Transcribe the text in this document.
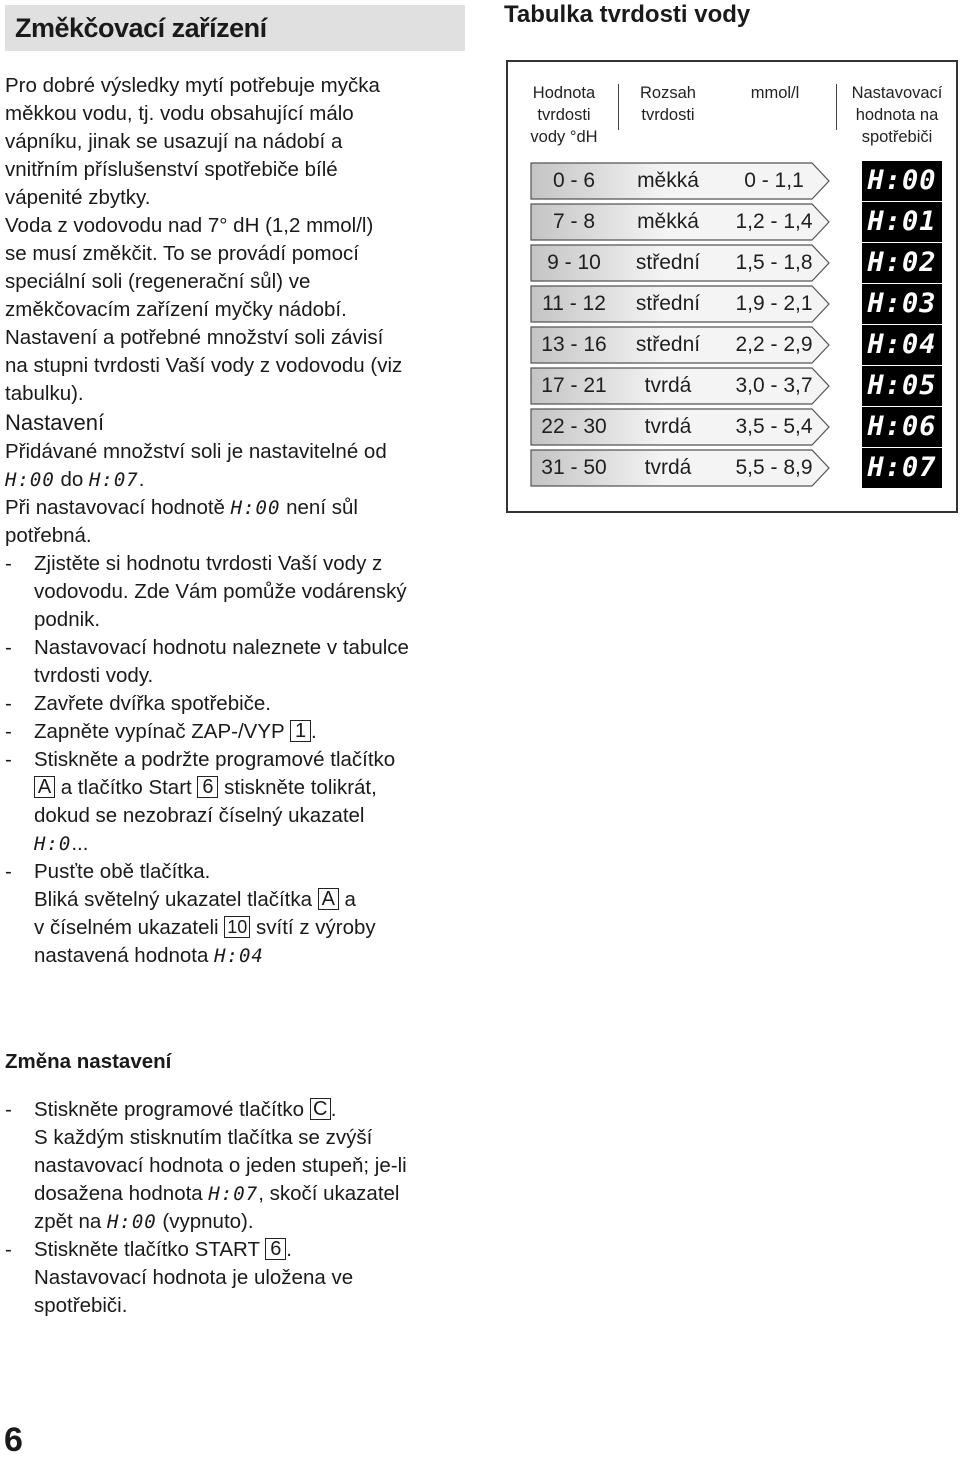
Změkčovací zařízení

Pro dobré výsledky mytí potřebuje myčka

měkkou vodu, tj. vodu obsahující málo

vápníku, jinak se usazují na nádobí a

vnitřním příslušenství spotřebiče bílé

vápenité zbytky.

Voda z vodovodu nad 7° dH (1,2 mmol/l)

se musí změkčit. To se provádí pomocí

speciální soli (regenerační sůl) ve

změkčovacím zařízení myčky nádobí.

Nastavení a potřebné množství soli závisí

na stupni tvrdosti Vaší vody z vodovodu (viz

tabulku).

Nastavení

Přidávané množství soli je nastavitelné od

H:00 do H:07.

Při nastavovací hodnotě H:00 není sůl

potřebná.

- Zjistěte si hodnotu tvrdosti Vaší vody z
vodovodu. Zde Vám pomůže vodárenský
podnik.
- Nastavovací hodnotu naleznete v tabulce
tvrdosti vody.
- Zavřete dvířka spotřebiče.
- Zapněte vypínač ZAP-/VYP 1 .
- Stiskněte a podržte programové tlačítko
A a tlačítko Start 6 stiskněte tolikrát,
dokud se nezobrazí číselný ukazatel
H:0...
- Pusťte obě tlačítka.
Bliká světelný ukazatel tlačítka A a
v číselném ukazateli 10 svítí z výroby
nastavená hodnota H:04

Změna nastavení

- Stiskněte programové tlačítko C .
S každým stisknutím tlačítka se zvýší
nastavovací hodnota o jeden stupeň; je-li
dosažena hodnota H:07, skočí ukazatel
zpět na H:00 (vypnuto).
- Stiskněte tlačítko START 6 .
Nastavovací hodnota je uložena ve
spotřebiči.
Tabulka tvrdosti vody
Hodnota
tvrdosti
vody °dH
Rozsah
tvrdosti
mmol/l	Nastavovací
hodnota na
spotřebiči
0 - 6	měkká	0 - 1,1	H:00
7 - 8	měkká	1,2 - 1,4	H:01
9 - 10	střední	1,5 - 1,8	H:02
11 - 12	střední	1,9 - 2,1	H:03
13 - 16	střední	2,2 - 2,9	H:04
17 - 21	tvrdá	3,0 - 3,7	H:05
22 - 30	tvrdá	3,5 - 5,4	H:06
31 - 50	tvrdá	5,5 - 8,9	H:07
6
